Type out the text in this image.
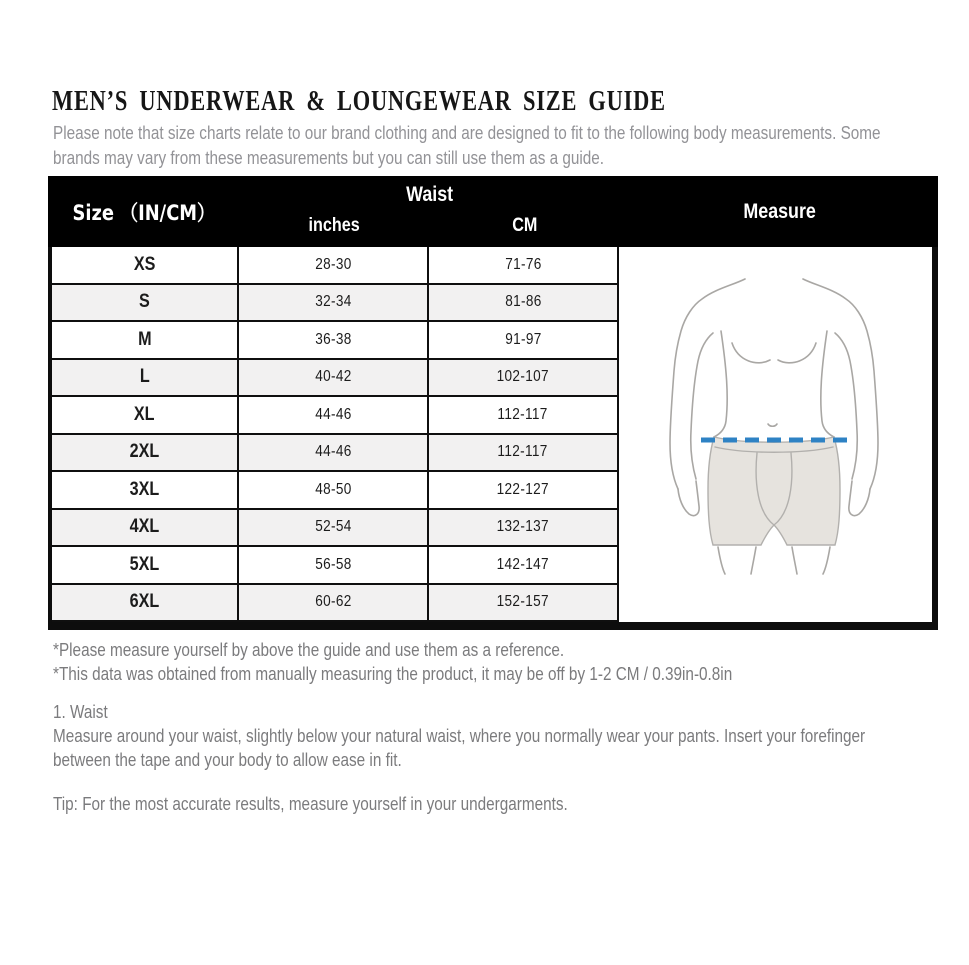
MEN’S UNDERWEAR & LOUNGEWEAR SIZE GUIDE
Please note that size charts relate to our brand clothing and are designed to fit to the following body measurements. Some
brands may vary from these measurements but you can still use them as a guide.
Size （IN/CM）
Waist
inches	CM
Measure
XS	28-30	71-76
S	32-34	81-86
M	36-38	91-97
L	40-42	102-107
XL	44-46	112-117
2XL	44-46	112-117
3XL	48-50	122-127
4XL	52-54	132-137
5XL	56-58	142-147
6XL	60-62	152-157
*Please measure yourself by above the guide and use them as a reference.
*This data was obtained from manually measuring the product, it may be off by 1-2 CM / 0.39in-0.8in
1. Waist
Measure around your waist, slightly below your natural waist, where you normally wear your pants. Insert your forefinger
between the tape and your body to allow ease in fit.
Tip: For the most accurate results, measure yourself in your undergarments.
